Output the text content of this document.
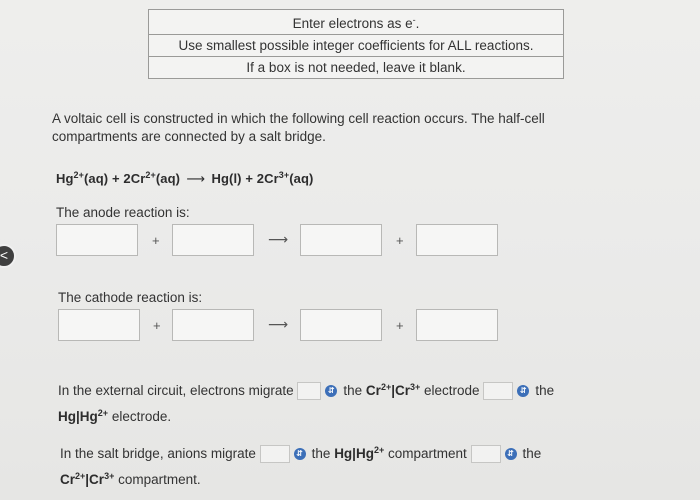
Enter electrons as e-.
Use smallest possible integer coefficients for ALL reactions.
If a box is not needed, leave it blank.
A voltaic cell is constructed in which the following cell reaction occurs. The half-cell compartments are connected by a salt bridge.
$Hg^{2+}(aq) + 2Cr^{2+}(aq)$ ⟶ $Hg(l) + 2Cr^{3+}(aq)$
The anode reaction is:
+	⟶	+
The cathode reaction is:
+	⟶	+
In the external circuit, electrons migrate	⇵ the $Cr^{2+}|Cr^{3+}$ electrode	⇵ the
$Hg|Hg^{2+}$ electrode.
In the salt bridge, anions migrate	⇵ the $Hg|Hg^{2+}$ compartment	⇵ the
$Cr^{2+}|Cr^{3+}$ compartment.
<
